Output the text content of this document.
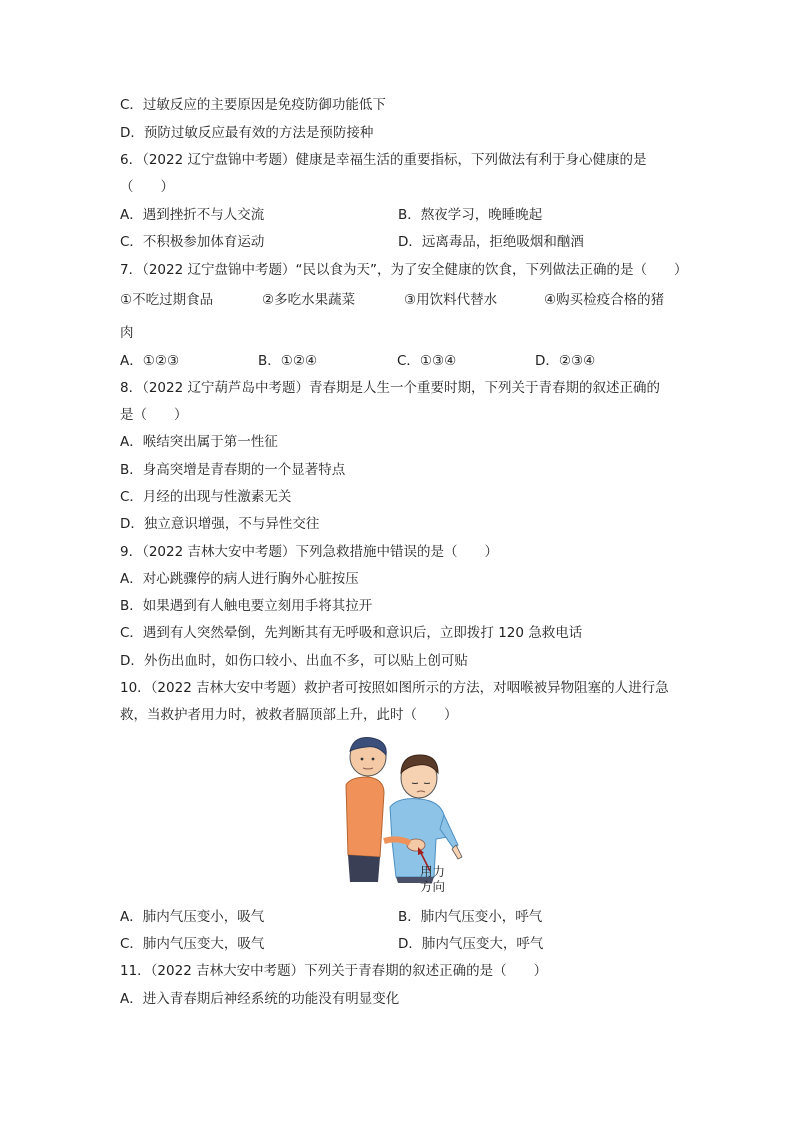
C．过敏反应的主要原因是免疫防御功能低下
D．预防过敏反应最有效的方法是预防接种
6．（2022 辽宁盘锦中考题）健康是幸福生活的重要指标，下列做法有利于身心健康的是
（　　）
A．遇到挫折不与人交流	B．熬夜学习，晚睡晚起
C．不积极参加体育运动	D．远离毒品，拒绝吸烟和酗酒
7．（2022 辽宁盘锦中考题）“民以食为天”，为了安全健康的饮食，下列做法正确的是（　　）
①不吃过期食品	②多吃水果蔬菜	③用饮料代替水	④购买检疫合格的猪
肉
A．①②③	B．①②④	C．①③④	D．②③④
8．（2022 辽宁葫芦岛中考题）青春期是人生一个重要时期，下列关于青春期的叙述正确的
是（　　）
A．喉结突出属于第一性征
B．身高突增是青春期的一个显著特点
C．月经的出现与性激素无关
D．独立意识增强，不与异性交往
9．（2022 吉林大安中考题）下列急救措施中错误的是（　　）
A．对心跳骤停的病人进行胸外心脏按压
B．如果遇到有人触电要立刻用手将其拉开
C．遇到有人突然晕倒，先判断其有无呼吸和意识后，立即拨打 120 急救电话
D．外伤出血时，如伤口较小、出血不多，可以贴上创可贴
10．（2022 吉林大安中考题）救护者可按照如图所示的方法，对咽喉被异物阻塞的人进行急
救，当救护者用力时，被救者膈顶部上升，此时（　　）
用力
方向
A．肺内气压变小，吸气	B．肺内气压变小，呼气
C．肺内气压变大，吸气	D．肺内气压变大，呼气
11．（2022 吉林大安中考题）下列关于青春期的叙述正确的是（　　）
A．进入青春期后神经系统的功能没有明显变化
